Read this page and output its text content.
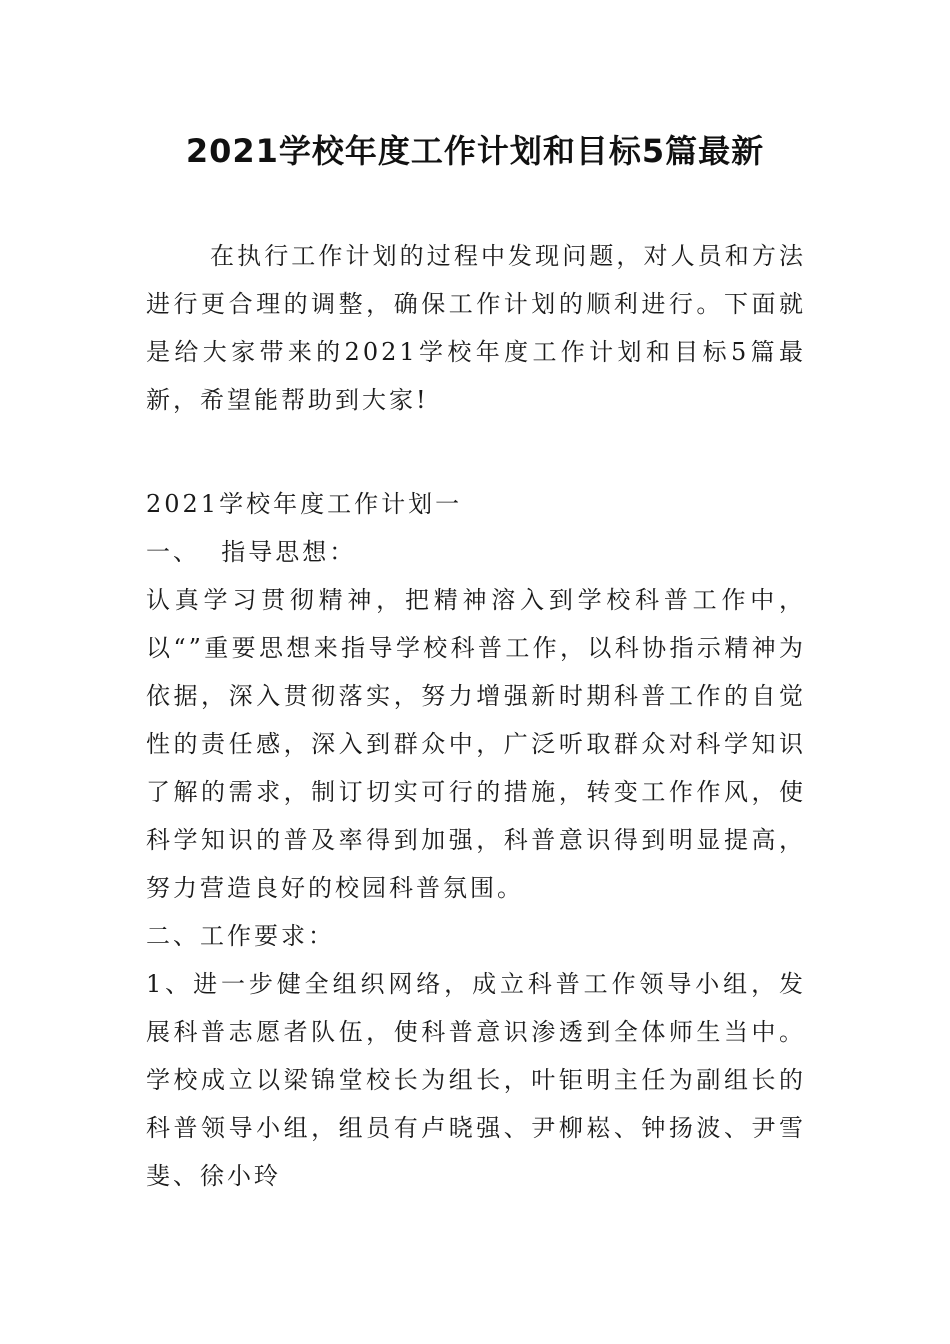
2021学校年度工作计划和目标5篇最新

在执行工作计划的过程中发现问题，对人员和方法进行更合理的调整，确保工作计划的顺利进行。下面就是给大家带来的2021学校年度工作计划和目标5篇最新，希望能帮助到大家!

2021学校年度工作计划一

一、  指导思想：

认真学习贯彻精神，把精神溶入到学校科普工作中，以“”重要思想来指导学校科普工作，以科协指示精神为依据，深入贯彻落实，努力增强新时期科普工作的自觉性的责任感，深入到群众中，广泛听取群众对科学知识了解的需求，制订切实可行的措施，转变工作作风，使科学知识的普及率得到加强，科普意识得到明显提高，努力营造良好的校园科普氛围。

二、工作要求：

1、进一步健全组织网络，成立科普工作领导小组，发展科普志愿者队伍，使科普意识渗透到全体师生当中。学校成立以梁锦堂校长为组长，叶钜明主任为副组长的科普领导小组，组员有卢晓强、尹柳崧、钟扬波、尹雪斐、徐小玲
